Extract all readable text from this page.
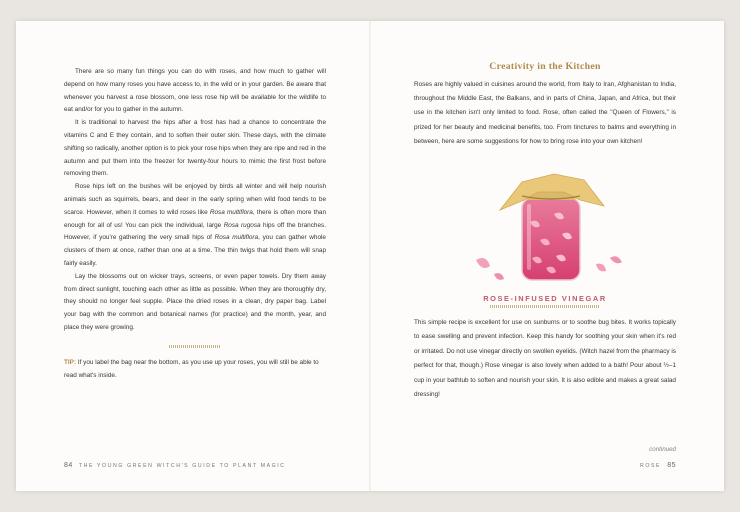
There are so many fun things you can do with roses, and how much to gather will depend on how many roses you have access to, in the wild or in your garden. Be aware that whenever you harvest a rose blossom, one less rose hip will be available for the wildlife to eat and/or for you to gather in the autumn.

It is traditional to harvest the hips after a frost has had a chance to concentrate the vitamins C and E they contain, and to soften their outer skin. These days, with the climate shifting so radically, another option is to pick your rose hips when they are ripe and red in the autumn and put them into the freezer for twenty-four hours to mimic the first frost before removing them.

Rose hips left on the bushes will be enjoyed by birds all winter and will help nourish animals such as squirrels, bears, and deer in the early spring when wild food tends to be scarce. However, when it comes to wild roses like Rosa multiflora, there is often more than enough for all of us! You can pick the individual, large Rosa rugosa hips off the branches. However, if you're gathering the very small hips of Rosa multiflora, you can gather whole clusters of them at once, rather than one at a time. The thin twigs that hold them will snap fairly easily.

Lay the blossoms out on wicker trays, screens, or even paper towels. Dry them away from direct sunlight, touching each other as little as possible. When they are thoroughly dry, they should no longer feel supple. Place the dried roses in a clean, dry paper bag. Label your bag with the common and botanical names (for practice) and the month, year, and place they were growing.

TIP: If you label the bag near the bottom, as you use up your roses, you will still be able to read what's inside.

84 THE YOUNG GREEN WITCH'S GUIDE TO PLANT MAGIC
Creativity in the Kitchen

Roses are highly valued in cuisines around the world, from Italy to Iran, Afghanistan to India, throughout the Middle East, the Balkans, and in parts of China, Japan, and Africa, but their use in the kitchen isn't only limited to food. Rose, often called the "Queen of Flowers," is prized for her beauty and medicinal benefits, too. From tinctures to balms and everything in between, here are some suggestions for how to bring rose into your own kitchen!

ROSE-INFUSED VINEGAR

This simple recipe is excellent for use on sunburns or to soothe bug bites. It works topically to ease swelling and prevent infection. Keep this handy for soothing your skin when it's red or irritated. Do not use vinegar directly on swollen eyelids. (Witch hazel from the pharmacy is perfect for that, though.) Rose vinegar is also lovely when added to a bath! Pour about ½–1 cup in your bathtub to soften and nourish your skin. It is also edible and makes a great salad dressing!

continued
ROSE 85
